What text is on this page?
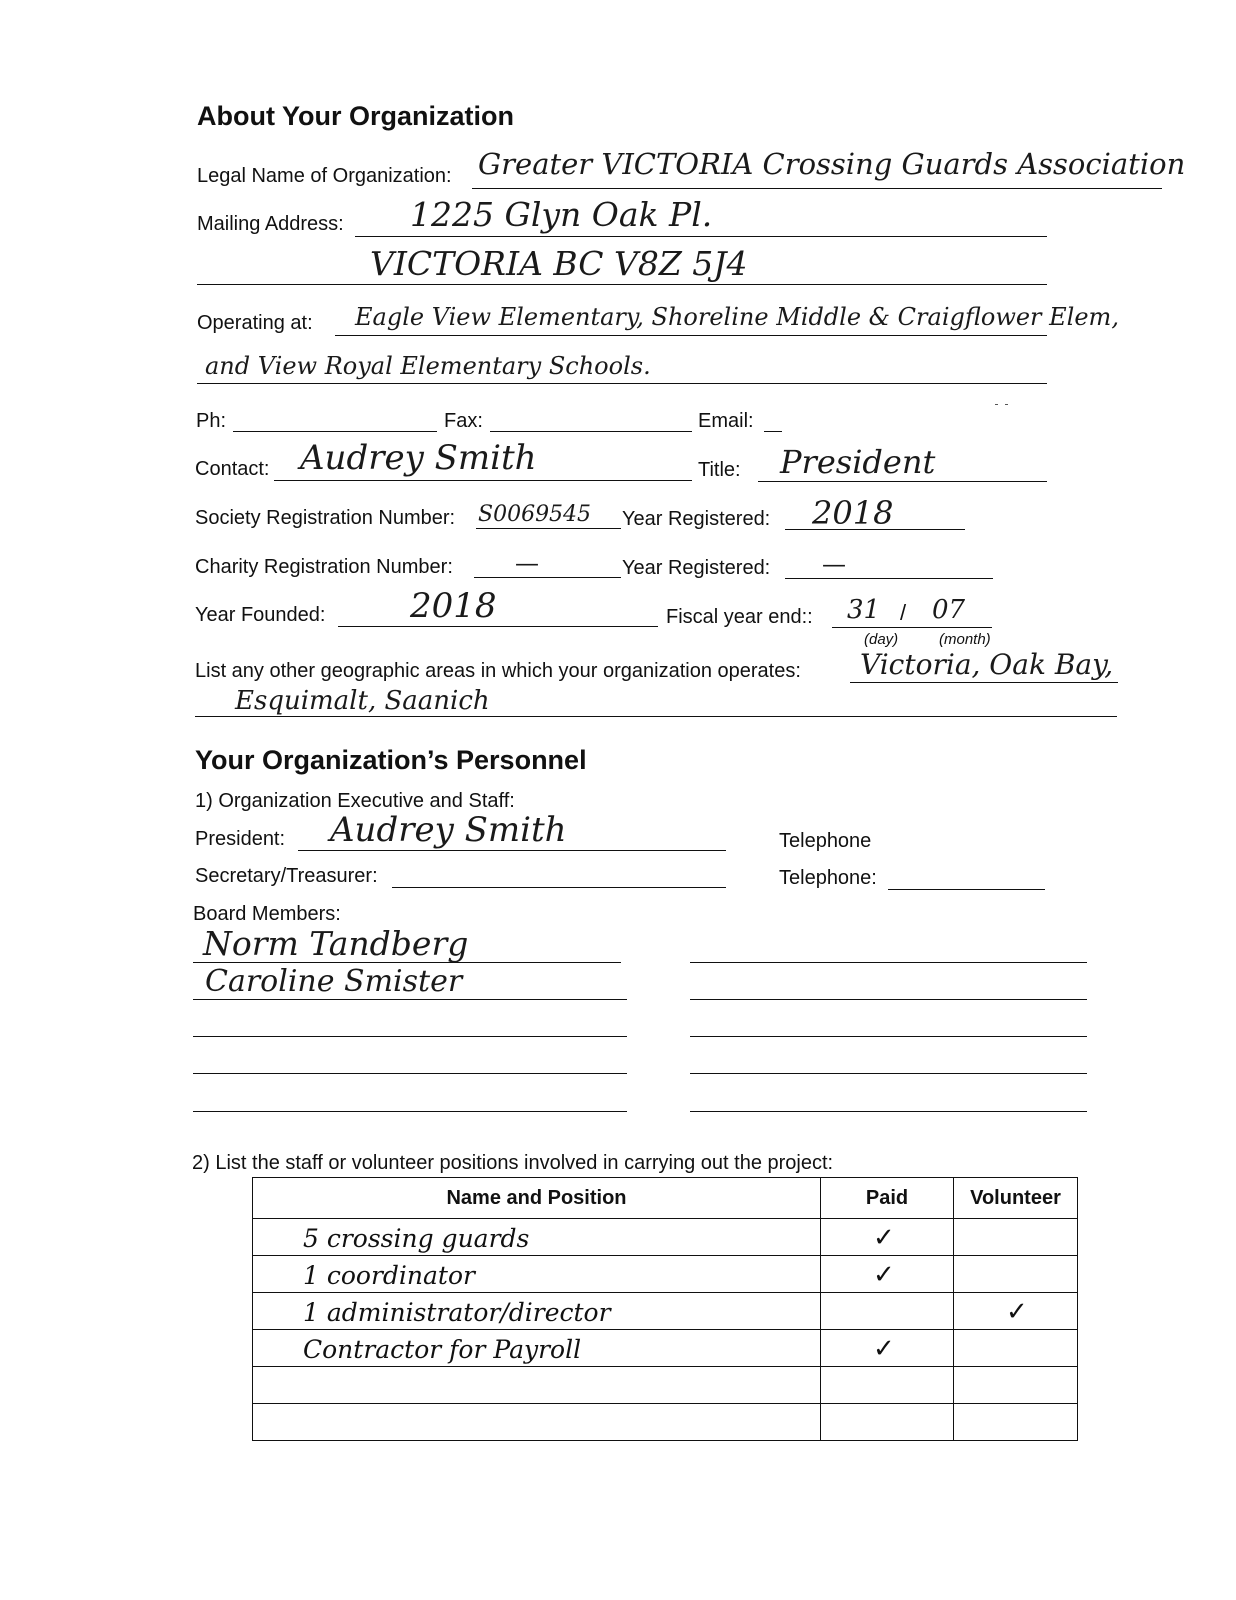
About Your Organization
Legal Name of Organization: Greater VICTORIA Crossing Guards Association
Mailing Address: 1225 Glyn Oak Pl.
VICTORIA BC V8Z 5J4
Operating at: Eagle View Elementary, Shoreline Middle & Craigflower Elem,
and View Royal Elementary Schools.
Ph:	Fax:	Email:
Contact: Audrey Smith	Title: President
Society Registration Number: S0069545 Year Registered: 2018
Charity Registration Number:	—	Year Registered: —
Year Founded: 2018	Fiscal year end:: 31 / 07
(day)	(month)
List any other geographic areas in which your organization operates: Victoria, Oak Bay,
Esquimalt, Saanich
Your Organization’s Personnel
1) Organization Executive and Staff:
President: Audrey Smith	Telephone
Secretary/Treasurer:	Telephone:
Board Members:
Norm Tandberg
Caroline Smister
2) List the staff or volunteer positions involved in carrying out the project:
Name and Position	Paid	Volunteer

5 crossing guards	✓	

1 coordinator	✓	

1 administrator/director		✓

Contractor for Payroll	✓	
